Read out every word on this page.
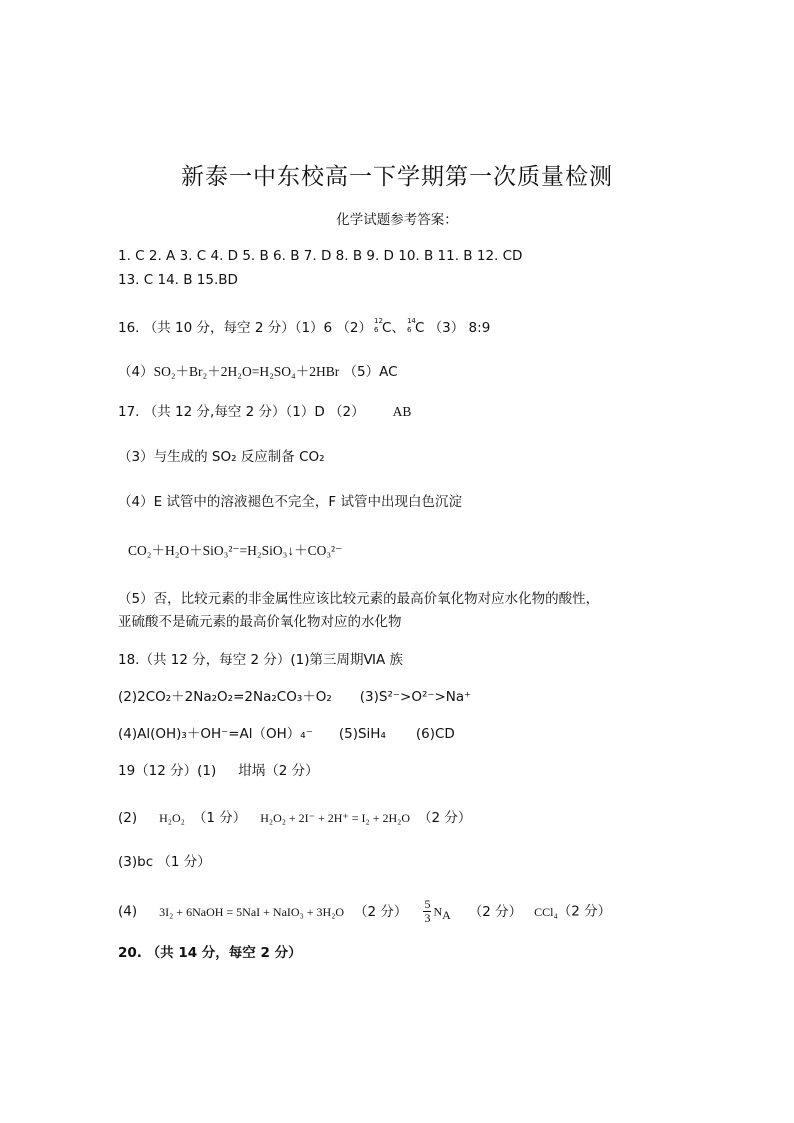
新泰一中东校高一下学期第一次质量检测
化学试题参考答案：
1. C 2. A 3. C 4. D 5. B 6. B 7. D 8. B 9. D 10. B 11. B 12. CD
13. C 14. B 15.BD
16. （共 10 分，每空 2 分）（1）6 （2） 12
6 C、 14
6 C （3） 8:9
（4）SO₂＋Br₂＋2H₂O=H₂SO₄＋2HBr （5）AC
17. （共 12 分,每空 2 分）（1）D （2） AB
（3）与生成的 SO₂ 反应制备 CO₂
（4）E 试管中的溶液褪色不完全，F 试管中出现白色沉淀
CO₂＋H₂O＋SiO₃²⁻=H₂SiO₃↓＋CO₃²⁻
（5）否，比较元素的非金属性应该比较元素的最高价氧化物对应水化物的酸性，
亚硫酸不是硫元素的最高价氧化物对应的水化物
18.（共 12 分，每空 2 分）(1)第三周期ⅥA 族
(2)2CO₂＋2Na₂O₂=2Na₂CO₃＋O₂ (3)S²⁻>O²⁻>Na⁺
(4)Al(OH)₃＋OH⁻=Al（OH）₄⁻ (5)SiH₄ (6)CD
19（12 分）(1) 坩埚（2 分）
(2) H₂O₂ （1 分） H₂O₂ + 2I⁻ + 2H⁺ = I₂ + 2H₂O （2 分）
(3)bc （1 分）
(4) 3I₂ + 6NaOH = 5NaI + NaIO₃ + 3H₂O （2 分） $\frac{5}{3} N_A$ （2 分） CCl₄（2 分）
20. （共 14 分，每空 2 分）
